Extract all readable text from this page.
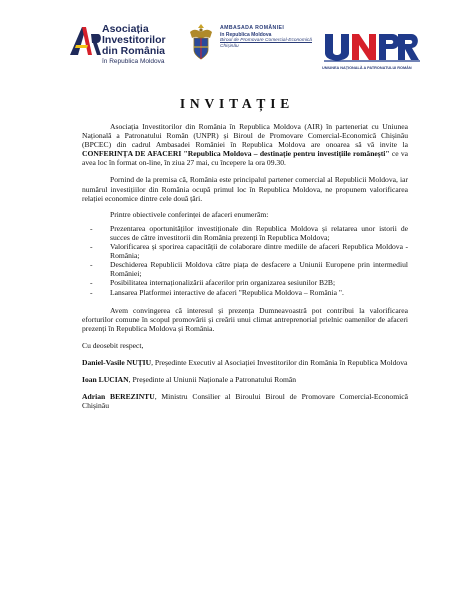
Asociația
Investitorilor
din România
în Republica Moldova
AMBASADA ROMÂNIEI
în Republica Moldova
Biroul de Promovare Comercial-Economică
Chișinău
UNIUNEA NAȚIONALĂ A PATRONATULUI ROMÂN
INVITAȚIE

Asociația Investitorilor din România în Republica Moldova (AIR) în parteneriat cu Uniunea Națională a Patronatului Român (UNPR) și Biroul de Promovare Comercial-Economică Chișinău (BPCEC) din cadrul Ambasadei României în Republica Moldova are onoarea să vă invite la CONFERINȚA DE AFACERI "Republica Moldova – destinație pentru investițiile românești" ce va avea loc în format on-line, în ziua 27 mai, cu începere la ora 09.30.

Pornind de la premisa că, România este principalul partener comercial al Republicii Moldova, iar numărul investițiilor din România ocupă primul loc în Republica Moldova, ne propunem valorificarea relației economice dintre cele două țări.

Printre obiectivele conferinței de afaceri enumerăm:

- Prezentarea oportunităților investiționale din Republica Moldova și relatarea unor istorii de succes de către investitorii din România prezenți în Republica Moldova;
- Valorificarea și sporirea capacității de colaborare dintre mediile de afaceri Republica Moldova - România;
- Deschiderea Republicii Moldova către piața de desfacere a Uniunii Europene prin intermediul României;
- Posibilitatea internaționalizării afacerilor prin organizarea sesiunilor B2B;
- Lansarea Platformei interactive de afaceri "Republica Moldova – România ".

Avem convingerea că interesul și prezența Dumneavoastră pot contribui la valorificarea eforturilor comune în scopul promovării și creării unui climat antreprenorial prielnic oamenilor de afaceri prezenți în Republica Moldova și România.

Cu deosebit respect,

Daniel-Vasile NUȚIU, Președinte Executiv al Asociației Investitorilor din România în Republica Moldova

Ioan LUCIAN, Președinte al Uniunii Naționale a Patronatului Român

Adrian BEREZINTU, Ministru Consilier al Biroului Biroul de Promovare Comercial-Economică Chișinău
